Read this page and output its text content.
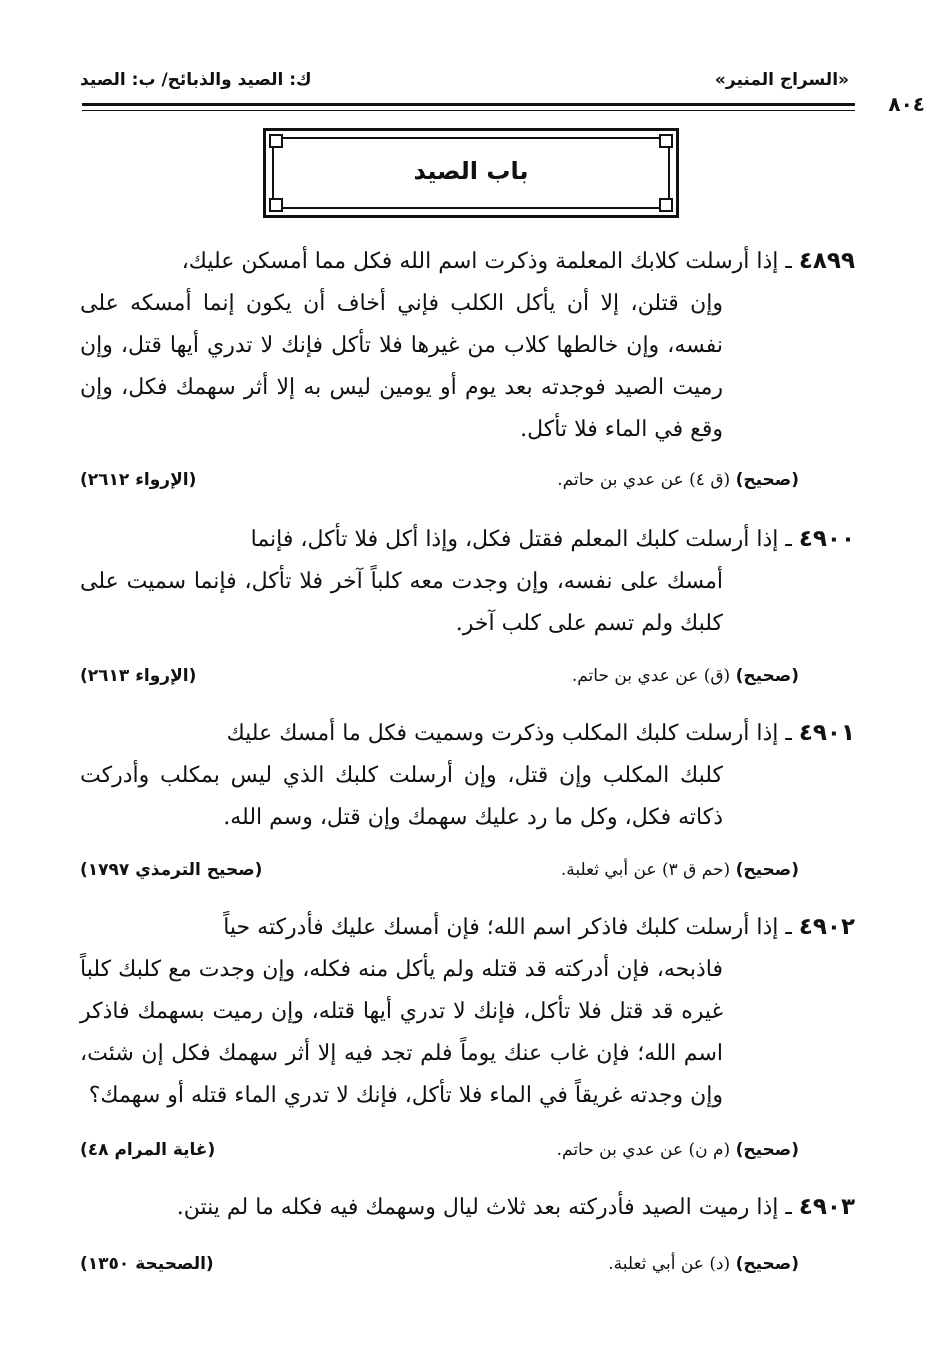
«السراج المنير»
ك: الصيد والذبائح/ ب: الصيد
٨٠٤
باب الصيد
٤٨٩٩ ـ إذا أرسلت كلابك المعلمة وذكرت اسم الله فكل مما أمسكن عليك،
وإن قتلن، إلا أن يأكل الكلب فإني أخاف أن يكون إنما أمسكه على نفسه، وإن خالطها كلاب من غيرها فلا تأكل فإنك لا تدري أيها قتل، وإن رميت الصيد فوجدته بعد يوم أو يومين ليس به إلا أثر سهمك فكل، وإن وقع في الماء فلا تأكل.
(صحيح) (ق ٤) عن عدي بن حاتم.
(الإرواء ٢٦١٢)
٤٩٠٠ ـ إذا أرسلت كلبك المعلم فقتل فكل، وإذا أكل فلا تأكل، فإنما
أمسك على نفسه، وإن وجدت معه كلباً آخر فلا تأكل، فإنما سميت على كلبك ولم تسم على كلب آخر.
(صحيح) (ق) عن عدي بن حاتم.
(الإرواء ٢٦١٣)
٤٩٠١ ـ إذا أرسلت كلبك المكلب وذكرت وسميت فكل ما أمسك عليك
كلبك المكلب وإن قتل، وإن أرسلت كلبك الذي ليس بمكلب وأدركت ذكاته فكل، وكل ما رد عليك سهمك وإن قتل، وسم الله.
(صحيح) (حم ق ٣) عن أبي ثعلبة.
(صحيح الترمذي ١٧٩٧)
٤٩٠٢ ـ إذا أرسلت كلبك فاذكر اسم الله؛ فإن أمسك عليك فأدركته حياً
فاذبحه، فإن أدركته قد قتله ولم يأكل منه فكله، وإن وجدت مع كلبك كلباً غيره قد قتل فلا تأكل، فإنك لا تدري أيها قتله، وإن رميت بسهمك فاذكر اسم الله؛ فإن غاب عنك يوماً فلم تجد فيه إلا أثر سهمك فكل إن شئت، وإن وجدته غريقاً في الماء فلا تأكل، فإنك لا تدري الماء قتله أو سهمك؟
(صحيح) (م ن) عن عدي بن حاتم.
(غاية المرام ٤٨)
٤٩٠٣ ـ إذا رميت الصيد فأدركته بعد ثلاث ليال وسهمك فيه فكله ما لم ينتن.
(صحيح) (د) عن أبي ثعلبة.
(الصحيحة ١٣٥٠)
